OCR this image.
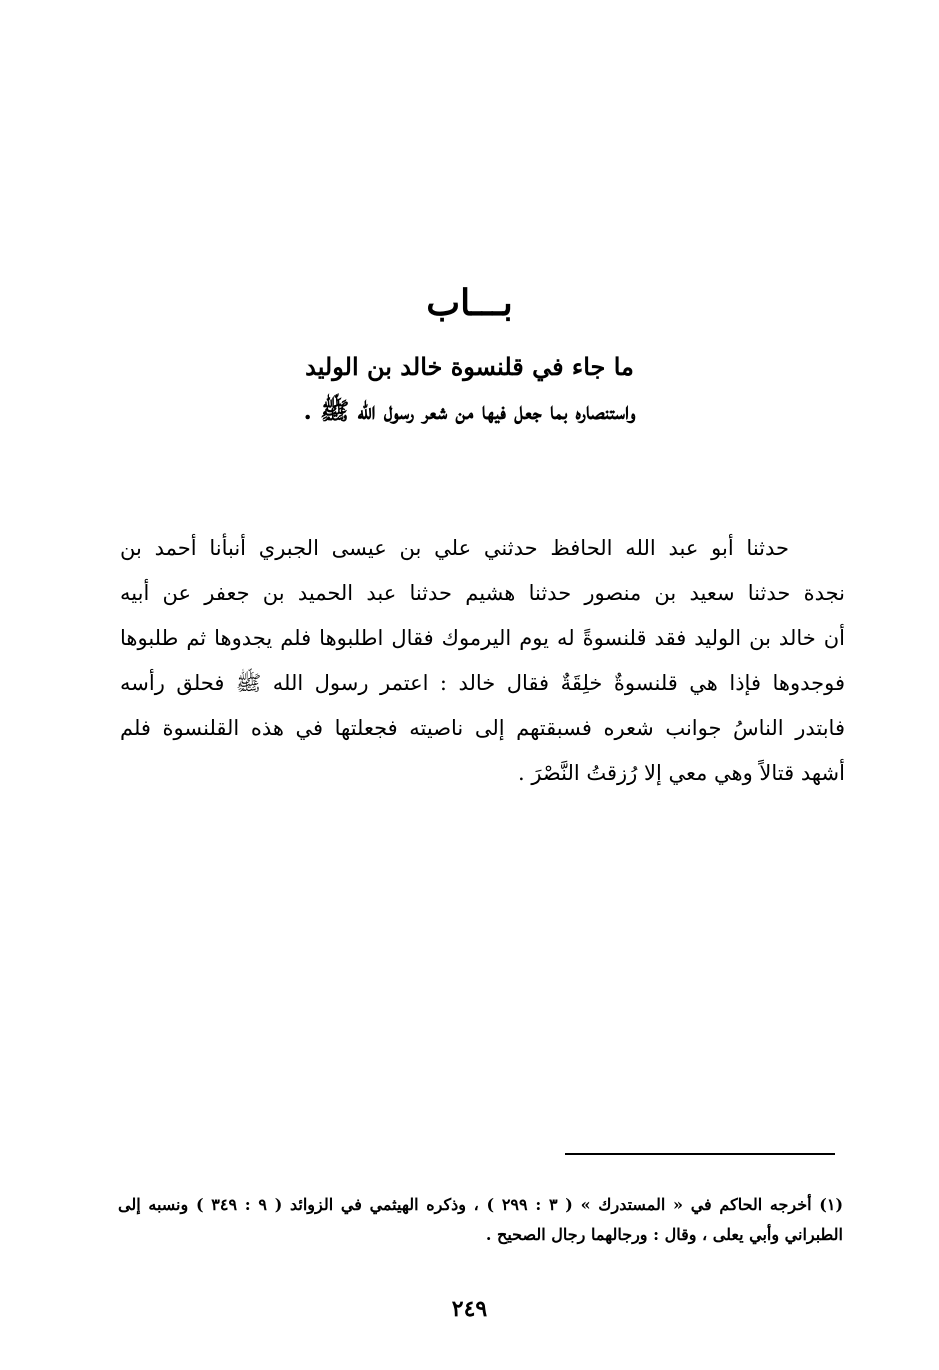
بـــاب
ما جاء في قلنسوة خالد بن الوليد
واستنصاره بما جعل فيها من شعر رسول الله ﷺ .
حدثنا أبو عبد الله الحافظ حدثني علي بن عيسى الجبري أنبأنا أحمد بن
نجدة حدثنا سعيد بن منصور حدثنا هشيم حدثنا عبد الحميد بن جعفر عن أبيه
أن خالد بن الوليد فقد قلنسوةً له يوم اليرموك فقال اطلبوها فلم يجدوها ثم طلبوها
فوجدوها فإذا هي قلنسوةٌ خلِقَةٌ فقال خالد : اعتمر رسول الله ﷺ فحلق رأسه
فابتدر الناسُ جوانب شعره فسبقتهم إلى ناصيته فجعلتها في هذه القلنسوة فلم
أشهد قتالاً وهي معي إلا رُزقتُ النَّصْرَ .
(١) أخرجه الحاكم في « المستدرك » ( ٣ : ٢٩٩ ) ، وذكره الهيثمي في الزوائد ( ٩ : ٣٤٩ ) ونسبه إلى
الطبراني وأبي يعلى ، وقال : ورجالهما رجال الصحيح .
٢٤٩
